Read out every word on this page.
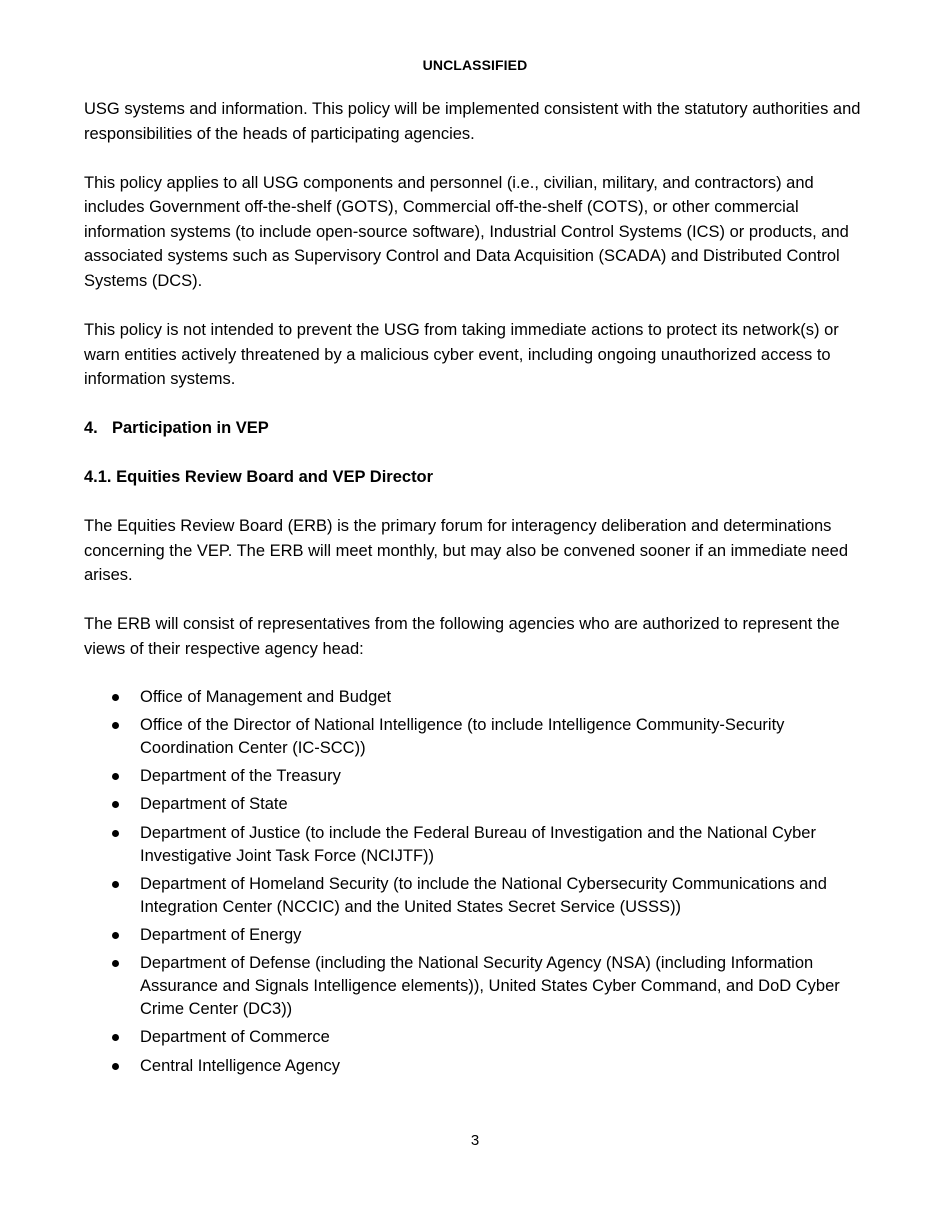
UNCLASSIFIED

USG systems and information. This policy will be implemented consistent with the statutory authorities and responsibilities of the heads of participating agencies.

This policy applies to all USG components and personnel (i.e., civilian, military, and contractors) and includes Government off-the-shelf (GOTS), Commercial off-the-shelf (COTS), or other commercial information systems (to include open-source software), Industrial Control Systems (ICS) or products, and associated systems such as Supervisory Control and Data Acquisition (SCADA) and Distributed Control Systems (DCS).

This policy is not intended to prevent the USG from taking immediate actions to protect its network(s) or warn entities actively threatened by a malicious cyber event, including ongoing unauthorized access to information systems.

4. Participation in VEP
4.1. Equities Review Board and VEP Director

The Equities Review Board (ERB) is the primary forum for interagency deliberation and determinations concerning the VEP. The ERB will meet monthly, but may also be convened sooner if an immediate need arises.

The ERB will consist of representatives from the following agencies who are authorized to represent the views of their respective agency head:

Office of Management and Budget
Office of the Director of National Intelligence (to include Intelligence Community-Security Coordination Center (IC-SCC))
Department of the Treasury
Department of State
Department of Justice (to include the Federal Bureau of Investigation and the National Cyber Investigative Joint Task Force (NCIJTF))
Department of Homeland Security (to include the National Cybersecurity Communications and Integration Center (NCCIC) and the United States Secret Service (USSS))
Department of Energy
Department of Defense (including the National Security Agency (NSA) (including Information Assurance and Signals Intelligence elements)), United States Cyber Command, and DoD Cyber Crime Center (DC3))
Department of Commerce
Central Intelligence Agency
3
